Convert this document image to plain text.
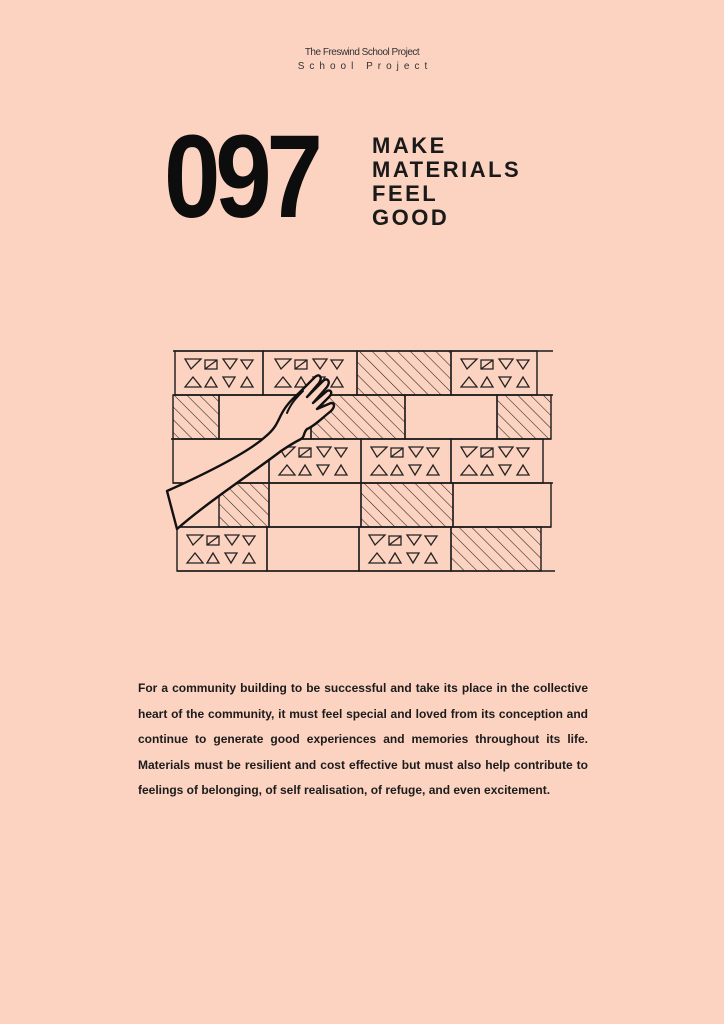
The Freswind School Project
School Project
097 MAKE
MATERIALS
FEEL
GOOD
For a community building to be successful and take its place in the collective heart of the community, it must feel special and loved from its conception and continue to generate good experiences and memories throughout its life. Materials must be resilient and cost effective but must also help contribute to feelings of belonging, of self realisation, of refuge, and even excitement.
